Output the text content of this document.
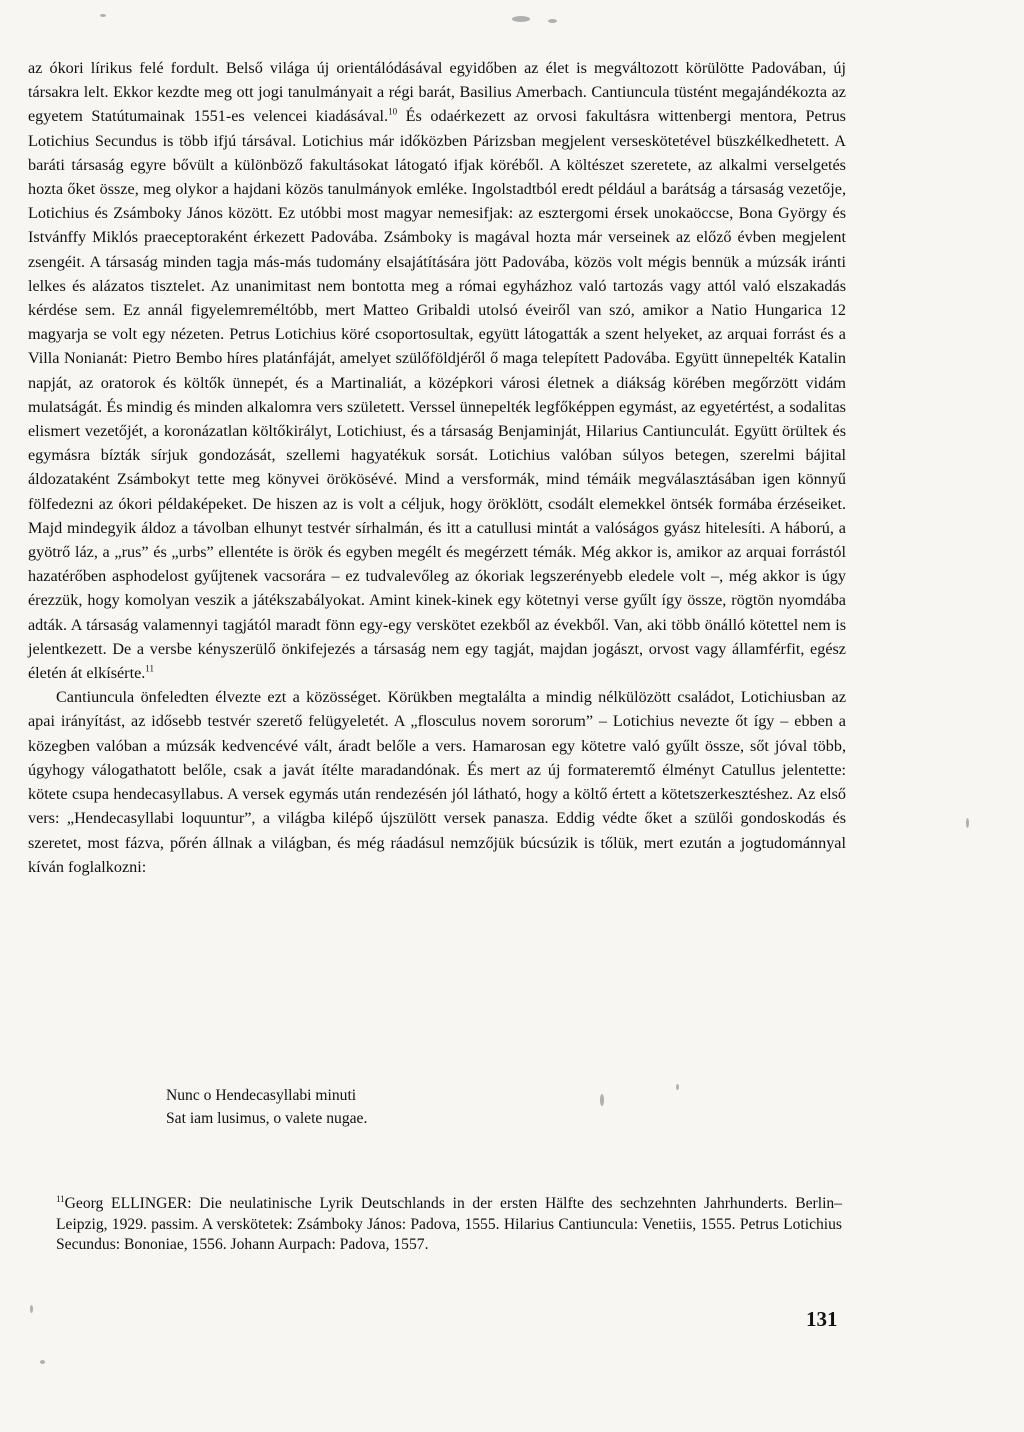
az ókori lírikus felé fordult. Belső világa új orientálódásával egyidőben az élet is megváltozott körülötte Padovában, új társakra lelt. Ekkor kezdte meg ott jogi tanulmányait a régi barát, Basilius Amerbach. Cantiuncula tüstént megajándékozta az egyetem Statútumainak 1551-es velencei kiadásával.$^{10}$ És odaérkezett az orvosi fakultásra wittenbergi mentora, Petrus Lotichius Secundus is több ifjú társával. Lotichius már időközben Párizsban megjelent verseskötetével büszkélkedhetett. A baráti társaság egyre bővült a különböző fakultásokat látogató ifjak köréből. A költészet szeretete, az alkalmi verselgetés hozta őket össze, meg olykor a hajdani közös tanulmányok emléke. Ingolstadtból eredt például a barátság a társaság vezetője, Lotichius és Zsámboky János között. Ez utóbbi most magyar nemesifjak: az esztergomi érsek unokaöccse, Bona György és Istvánffy Miklós praeceptoraként érkezett Padovába. Zsámboky is magával hozta már verseinek az előző évben megjelent zsengéit. A társaság minden tagja más-más tudomány elsajátítására jött Padovába, közös volt mégis bennük a múzsák iránti lelkes és alázatos tisztelet. Az unanimitast nem bontotta meg a római egyházhoz való tartozás vagy attól való elszakadás kérdése sem. Ez annál figyelemreméltóbb, mert Matteo Gribaldi utolsó éveiről van szó, amikor a Natio Hungarica 12 magyarja se volt egy nézeten. Petrus Lotichius köré csoportosultak, együtt látogatták a szent helyeket, az arquai forrást és a Villa Nonianát: Pietro Bembo híres platánfáját, amelyet szülőföldjéről ő maga telepített Padovába. Együtt ünnepelték Katalin napját, az oratorok és költők ünnepét, és a Martinaliát, a középkori városi életnek a diákság körében megőrzött vidám mulatságát. És mindig és minden alkalomra vers született. Verssel ünnepelték legfőképpen egymást, az egyetértést, a sodalitas elismert vezetőjét, a koronázatlan költőkirályt, Lotichiust, és a társaság Benjaminját, Hilarius Cantiunculát. Együtt örültek és egymásra bízták sírjuk gondozását, szellemi hagyatékuk sorsát. Lotichius valóban súlyos betegen, szerelmi bájital áldozataként Zsámbokyt tette meg könyvei örökösévé. Mind a versformák, mind témáik megválasztásában igen könnyű fölfedezni az ókori példaképeket. De hiszen az is volt a céljuk, hogy öröklött, csodált elemekkel öntsék formába érzéseiket. Majd mindegyik áldoz a távolban elhunyt testvér sírhalmán, és itt a catullusi mintát a valóságos gyász hitelesíti. A háború, a gyötrő láz, a „rus” és „urbs” ellentéte is örök és egyben megélt és megérzett témák. Még akkor is, amikor az arquai forrástól hazatérőben asphodelost gyűjtenek vacsorára – ez tudvalevőleg az ókoriak legszerényebb eledele volt –, még akkor is úgy érezzük, hogy komolyan veszik a játékszabályokat. Amint kinek-kinek egy kötetnyi verse gyűlt így össze, rögtön nyomdába adták. A társaság valamennyi tagjától maradt fönn egy-egy verskötet ezekből az évekből. Van, aki több önálló kötettel nem is jelentkezett. De a versbe kényszerülő önkifejezés a társaság nem egy tagját, majdan jogászt, orvost vagy államférfit, egész életén át elkísérte.$^{11}$

Cantiuncula önfeledten élvezte ezt a közösséget. Körükben megtalálta a mindig nélkülözött családot, Lotichiusban az apai irányítást, az idősebb testvér szerető felügyeletét. A „flosculus novem sororum” – Lotichius nevezte őt így – ebben a közegben valóban a múzsák kedvencévé vált, áradt belőle a vers. Hamarosan egy kötetre való gyűlt össze, sőt jóval több, úgyhogy válogathatott belőle, csak a javát ítélte maradandónak. És mert az új formateremtő élményt Catullus jelentette: kötete csupa hendecasyllabus. A versek egymás után rendezésén jól látható, hogy a költő értett a kötetszerkesztéshez. Az első vers: „Hendecasyllabi loquuntur”, a világba kilépő újszülött versek panasza. Eddig védte őket a szülői gondoskodás és szeretet, most fázva, pőrén állnak a világban, és még ráadásul nemzőjük búcsúzik is tőlük, mert ezután a jogtudománnyal kíván foglalkozni:

Nunc o Hendecasyllabi minuti
Sat iam lusimus, o valete nugae.

$^{11}$Georg ELLINGER: Die neulatinische Lyrik Deutschlands in der ersten Hälfte des sechzehnten Jahrhunderts. Berlin–Leipzig, 1929. passim. A verskötetek: Zsámboky János: Padova, 1555. Hilarius Cantiuncula: Venetiis, 1555. Petrus Lotichius Secundus: Bononiae, 1556. Johann Aurpach: Padova, 1557.

131
